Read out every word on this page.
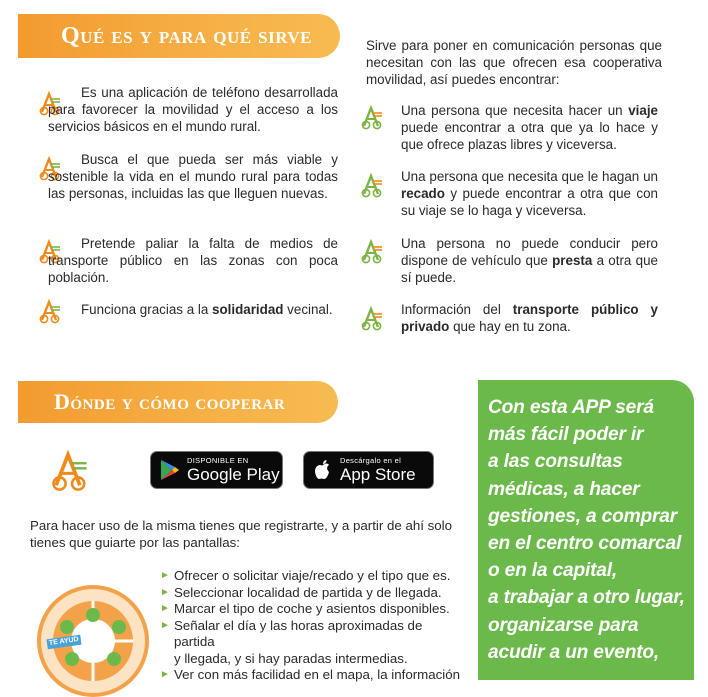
Qué es y para qué sirve
Es una aplicación de teléfono desarrollada para favorecer la movilidad y el acceso a los servicios básicos en el mundo rural.
Busca el que pueda ser más viable y sostenible la vida en el mundo rural para todas las personas, incluidas las que lleguen nuevas.
Pretende paliar la falta de medios de transporte público en las zonas con poca población.
Funciona gracias a la solidaridad vecinal.
Sirve para poner en comunicación personas que necesitan con las que ofrecen esa cooperativa movilidad, así puedes encontrar:
Una persona que necesita hacer un viaje puede encontrar a otra que ya lo hace y que ofrece plazas libres y viceversa.
Una persona que necesita que le hagan un recado y puede encontrar a otra que con su viaje se lo haga y viceversa.
Una persona no puede conducir pero dispone de vehículo que presta a otra que sí puede.
Información del transporte público y privado que hay en tu zona.
Dónde y cómo cooperar
DISPONIBLE EN
Google Play
Descárgalo en el
App Store
Para hacer uso de la misma tienes que registrarte, y a partir de ahí solo tienes que guiarte por las pantallas:
► Ofrecer o solicitar viaje/recado y el tipo que es.
► Seleccionar localidad de partida y de llegada.
► Marcar el tipo de coche y asientos disponibles.
► Señalar el día y las horas aproximadas de partida
y llegada, y si hay paradas intermedias.
► Ver con más facilidad en el mapa, la información
TE AYUD
Con esta APP será
más fácil poder ir
a las consultas
médicas, a hacer
gestiones, a comprar
en el centro comarcal
o en la capital,
a trabajar a otro lugar,
organizarse para
acudir a un evento,
